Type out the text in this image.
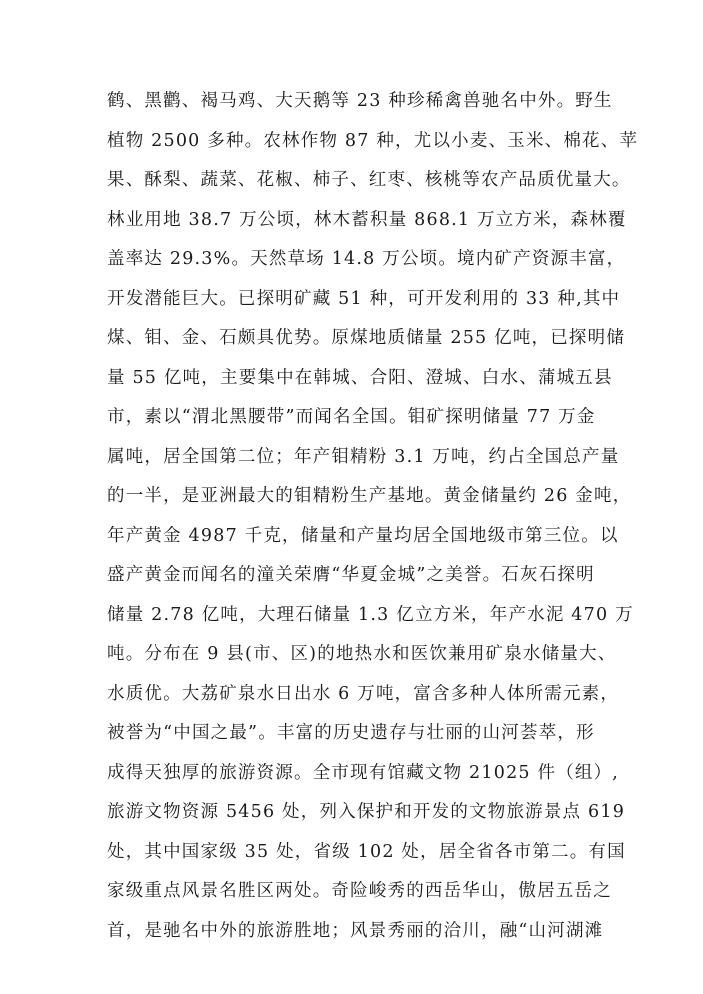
鹤、黑鹳、褐马鸡、大天鹅等 23 种珍稀禽兽驰名中外。野生
植物 2500 多种。农林作物 87 种，尤以小麦、玉米、棉花、苹
果、酥梨、蔬菜、花椒、柿子、红枣、核桃等农产品质优量大。
林业用地 38.7 万公顷，林木蓄积量 868.1 万立方米，森林覆
盖率达 29.3%。天然草场 14.8 万公顷。境内矿产资源丰富，
开发潜能巨大。已探明矿藏 51 种，可开发利用的 33 种,其中
煤、钼、金、石颇具优势。原煤地质储量 255 亿吨，已探明储
量 55 亿吨，主要集中在韩城、合阳、澄城、白水、蒲城五县
市，素以“渭北黑腰带”而闻名全国。钼矿探明储量 77 万金
属吨，居全国第二位；年产钼精粉 3.1 万吨，约占全国总产量
的一半，是亚洲最大的钼精粉生产基地。黄金储量约 26 金吨，
年产黄金 4987 千克，储量和产量均居全国地级市第三位。以
盛产黄金而闻名的潼关荣膺“华夏金城”之美誉。石灰石探明
储量 2.78 亿吨，大理石储量 1.3 亿立方米，年产水泥 470 万
吨。分布在 9 县(市、区)的地热水和医饮兼用矿泉水储量大、
水质优。大荔矿泉水日出水 6 万吨，富含多种人体所需元素，
被誉为“中国之最”。丰富的历史遗存与壮丽的山河荟萃，形
成得天独厚的旅游资源。全市现有馆藏文物 21025 件（组）,
旅游文物资源 5456 处，列入保护和开发的文物旅游景点 619
处，其中国家级 35 处，省级 102 处，居全省各市第二。有国
家级重点风景名胜区两处。奇险峻秀的西岳华山，傲居五岳之
首，是驰名中外的旅游胜地；风景秀丽的洽川，融“山河湖滩
